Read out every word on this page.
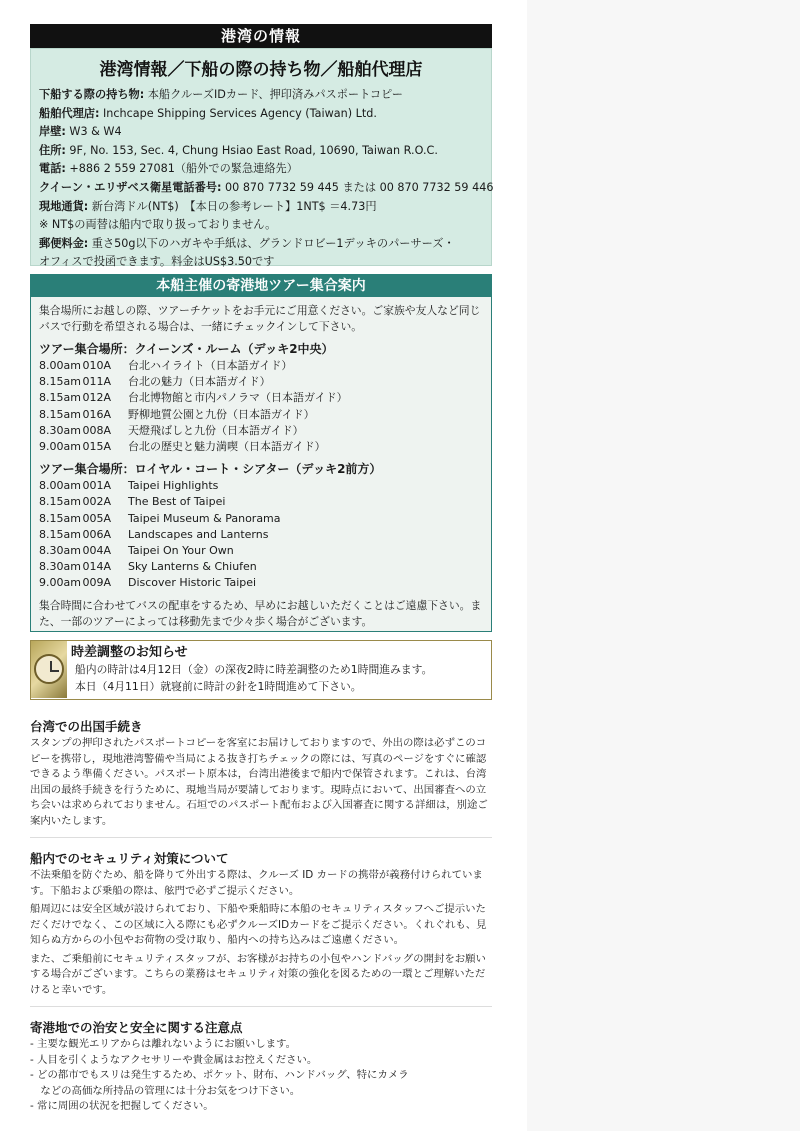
港湾の情報
港湾情報／下船の際の持ち物／船舶代理店
下船する際の持ち物: 本船クルーズIDカード、押印済みパスポートコピー
船舶代理店: Inchcape Shipping Services Agency (Taiwan) Ltd.
岸壁: W3 & W4
住所: 9F, No. 153, Sec. 4, Chung Hsiao East Road, 10690, Taiwan R.O.C.
電話: +886 2 559 27081（船外での緊急連絡先）
クイーン・エリザベス衛星電話番号: 00 870 7732 59 445 または 00 870 7732 59 446
現地通貨: 新台湾ドル(NT$)　【本日の参考レート】1NT$ ＝4.73円
※ NT$の両替は船内で取り扱っておりません。
郵便料金: 重さ50g以下のハガキや手紙は、グランドロビー1デッキのパーサーズ・
オフィスで投函できます。料金はUS$3.50です
本船主催の寄港地ツアー集合案内
集合場所にお越しの際、ツアーチケットをお手元にご用意ください。ご家族や友人など同じバスで行動を希望される場合は、一緒にチェックインして下さい。
ツアー集合場所：クイーンズ・ルーム（デッキ2中央）
8.00am 010A 台北ハイライト（日本語ガイド）
8.15am 011A 台北の魅力（日本語ガイド）
8.15am 012A 台北博物館と市内パノラマ（日本語ガイド）
8.15am 016A 野柳地質公園と九份（日本語ガイド）
8.30am 008A 天燈飛ばしと九份（日本語ガイド）
9.00am 015A 台北の歴史と魅力満喫（日本語ガイド）
ツアー集合場所：ロイヤル・コート・シアター（デッキ2前方）
8.00am 001A Taipei Highlights
8.15am 002A The Best of Taipei
8.15am 005A Taipei Museum & Panorama
8.15am 006A Landscapes and Lanterns
8.30am 004A Taipei On Your Own
8.30am 014A Sky Lanterns & Chiufen
9.00am 009A Discover Historic Taipei
集合時間に合わせてバスの配車をするため、早めにお越しいただくことはご遠慮下さい。また、一部のツアーによっては移動先まで少々歩く場合がございます。
時差調整のお知らせ
船内の時計は4月12日（金）の深夜2時に時差調整のため1時間進みます。
本日（4月11日）就寝前に時計の針を1時間進めて下さい。
台湾での出国手続き
スタンプの押印されたパスポートコピーを客室にお届けしておりますので、外出の際は必ずこのコピーを携帯し，現地港湾警備や当局による抜き打ちチェックの際には、写真のページをすぐに確認できるよう準備ください。パスポート原本は，台湾出港後まで船内で保管されます。これは、台湾出国の最終手続きを行うために、現地当局が要請しております。現時点において、出国審査への立ち会いは求められておりません。石垣でのパスポート配布および入国審査に関する詳細は，別途ご案内いたします。
船内でのセキュリティ対策について
不法乗船を防ぐため、船を降りて外出する際は、クルーズ ID カードの携帯が義務付けられています。下船および乗船の際は、舷門で必ずご提示ください。
船周辺には安全区域が設けられており、下船や乗船時に本船のセキュリティスタッフへご提示いただくだけでなく、この区域に入る際にも必ずクルーズIDカードをご提示ください。くれぐれも、見知らぬ方からの小包やお荷物の受け取り、船内への持ち込みはご遠慮ください。
また、ご乗船前にセキュリティスタッフが、お客様がお持ちの小包やハンドバッグの開封をお願いする場合がございます。こちらの業務はセキュリティ対策の強化を図るための一環とご理解いただけると幸いです。
寄港地での治安と安全に関する注意点
- 主要な観光エリアからは離れないようにお願いします。
- 人目を引くようなアクセサリーや貴金属はお控えください。
- どの都市でもスリは発生するため、ポケット、財布、ハンドバッグ、特にカメラ
　などの高価な所持品の管理には十分お気をつけ下さい。
- 常に周囲の状況を把握してください。
